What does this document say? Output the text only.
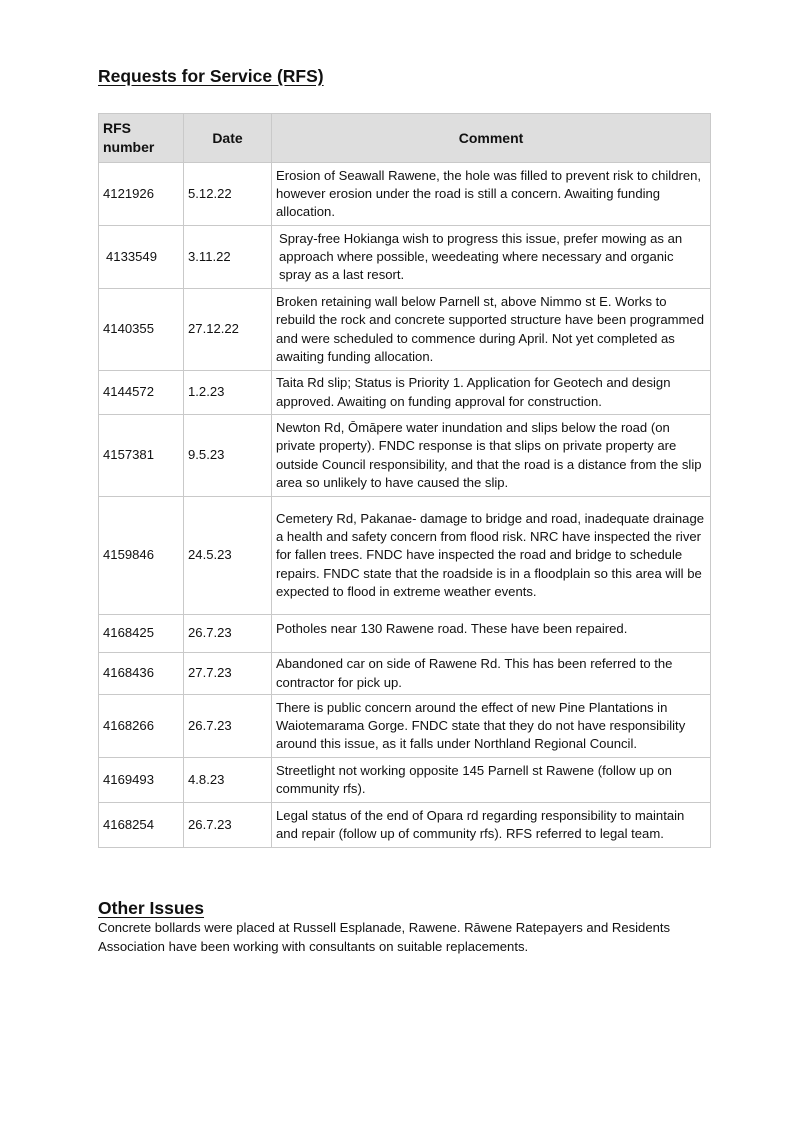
Requests for Service (RFS)
RFS number	Date	Comment
4121926	5.12.22	Erosion of Seawall Rawene, the hole was filled to prevent risk to children, however erosion under the road is still a concern. Awaiting funding allocation.
4133549	3.11.22	Spray-free Hokianga wish to progress this issue, prefer mowing as an approach where possible, weedeating where necessary and organic spray as a last resort.
4140355	27.12.22	Broken retaining wall below Parnell st, above Nimmo st E. Works to rebuild the rock and concrete supported structure have been programmed and were scheduled to commence during April. Not yet completed as awaiting funding allocation.
4144572	1.2.23	Taita Rd slip; Status is Priority 1. Application for Geotech and design approved. Awaiting on funding approval for construction.
4157381	9.5.23	Newton Rd, Ōmāpere water inundation and slips below the road (on private property). FNDC response is that slips on private property are outside Council responsibility, and that the road is a distance from the slip area so unlikely to have caused the slip.
4159846	24.5.23	Cemetery Rd, Pakanae- damage to bridge and road, inadequate drainage a health and safety concern from flood risk. NRC have inspected the river for fallen trees. FNDC have inspected the road and bridge to schedule repairs. FNDC state that the roadside is in a floodplain so this area will be expected to flood in extreme weather events.
4168425	26.7.23	Potholes near 130 Rawene road. These have been repaired.
4168436	27.7.23	Abandoned car on side of Rawene Rd. This has been referred to the contractor for pick up.
4168266	26.7.23	There is public concern around the effect of new Pine Plantations in Waiotemarama Gorge. FNDC state that they do not have responsibility around this issue, as it falls under Northland Regional Council.
4169493	4.8.23	Streetlight not working opposite 145 Parnell st Rawene (follow up on community rfs).
4168254	26.7.23	Legal status of the end of Opara rd regarding responsibility to maintain and repair (follow up of community rfs). RFS referred to legal team.
Other Issues
Concrete bollards were placed at Russell Esplanade, Rawene. Rāwene Ratepayers and Residents Association have been working with consultants on suitable replacements.
